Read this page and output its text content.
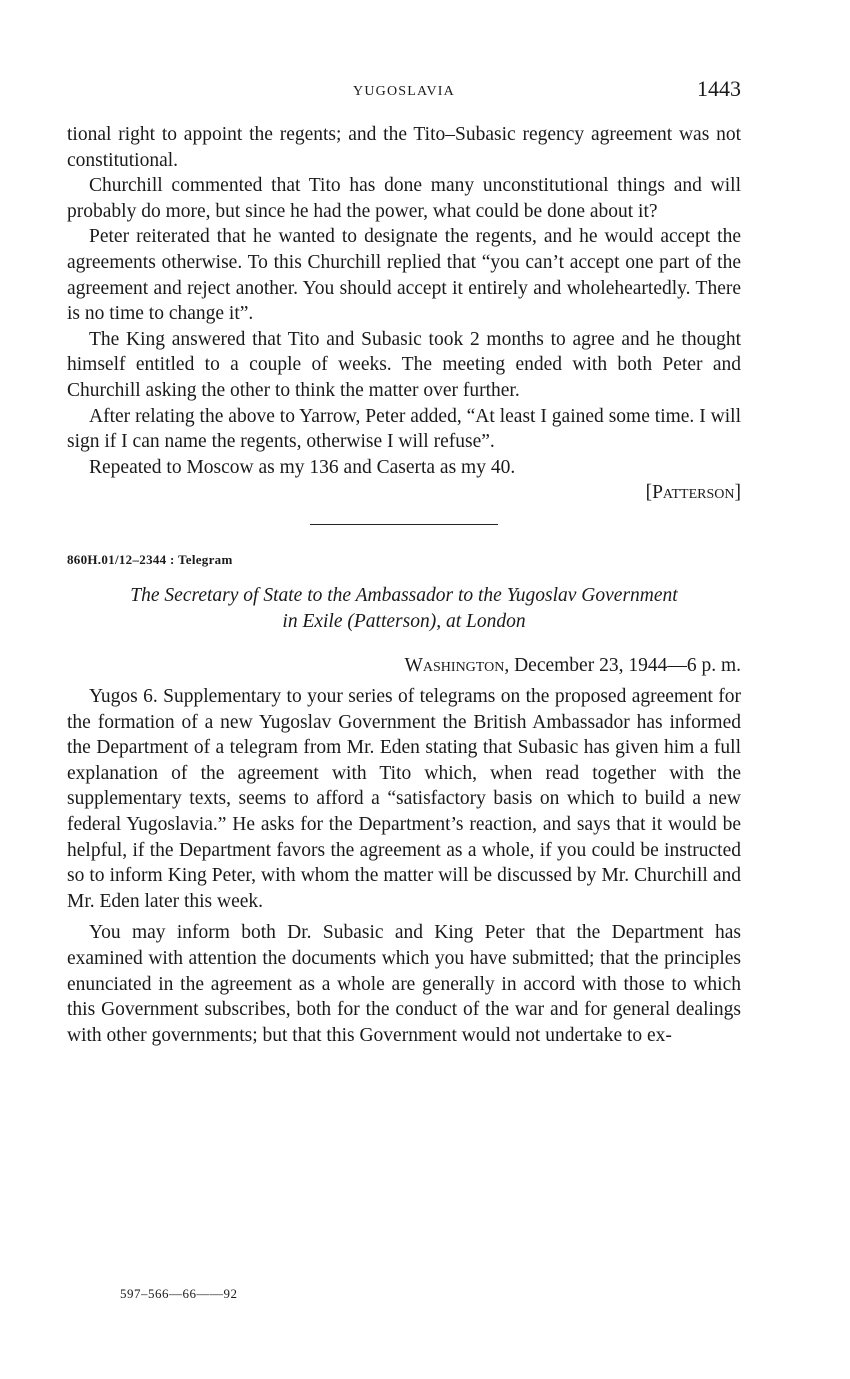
YUGOSLAVIA	1443

tional right to appoint the regents; and the Tito–Subasic regency agreement was not constitutional.

Churchill commented that Tito has done many unconstitutional things and will probably do more, but since he had the power, what could be done about it?

Peter reiterated that he wanted to designate the regents, and he would accept the agreements otherwise. To this Churchill replied that “you can’t accept one part of the agreement and reject another. You should accept it entirely and wholeheartedly. There is no time to change it”.

The King answered that Tito and Subasic took 2 months to agree and he thought himself entitled to a couple of weeks. The meeting ended with both Peter and Churchill asking the other to think the matter over further.

After relating the above to Yarrow, Peter added, “At least I gained some time. I will sign if I can name the regents, otherwise I will refuse”.

Repeated to Moscow as my 136 and Caserta as my 40.

[Patterson]
860H.01/12–2344 : Telegram
The Secretary of State to the Ambassador to the Yugoslav Government
in Exile (Patterson), at London
Washington, December 23, 1944—6 p. m.

Yugos 6. Supplementary to your series of telegrams on the proposed agreement for the formation of a new Yugoslav Government the British Ambassador has informed the Department of a telegram from Mr. Eden stating that Subasic has given him a full explanation of the agreement with Tito which, when read together with the supplementary texts, seems to afford a “satisfactory basis on which to build a new federal Yugoslavia.” He asks for the Department’s reaction, and says that it would be helpful, if the Department favors the agreement as a whole, if you could be instructed so to inform King Peter, with whom the matter will be discussed by Mr. Churchill and Mr. Eden later this week.

You may inform both Dr. Subasic and King Peter that the Department has examined with attention the documents which you have submitted; that the principles enunciated in the agreement as a whole are generally in accord with those to which this Government subscribes, both for the conduct of the war and for general dealings with other governments; but that this Government would not undertake to ex-

597–566—66——92
